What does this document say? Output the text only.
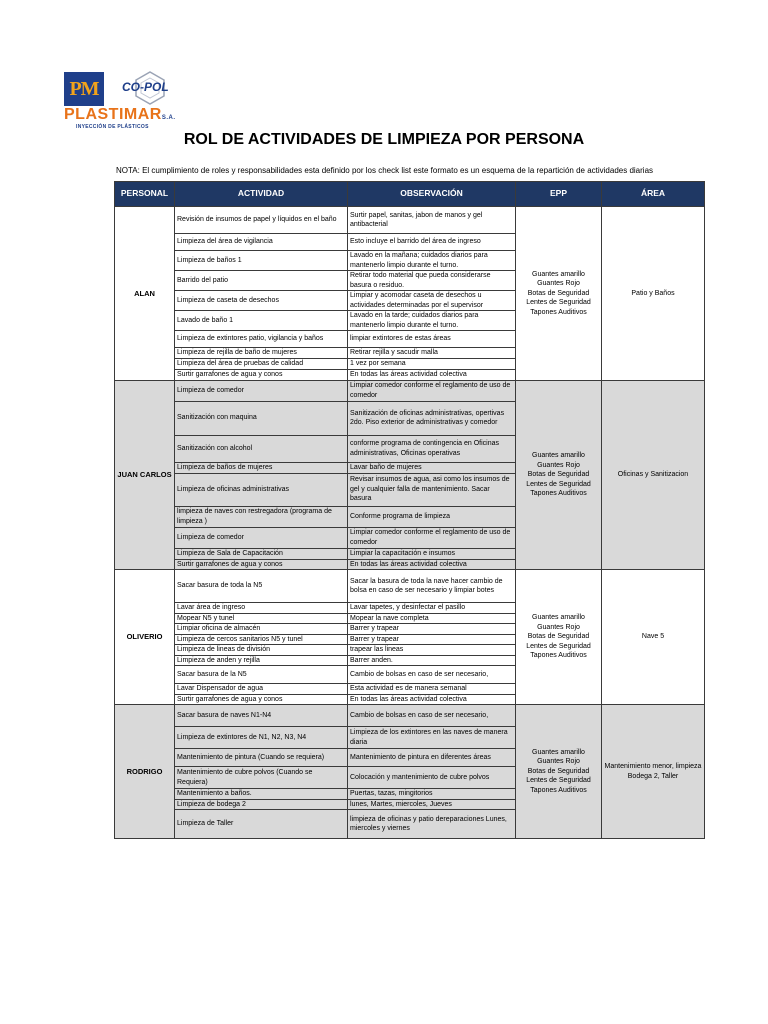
PM	CO-POL
PLASTIMARS.A.
INYECCIÓN DE PLÁSTICOS
ROL DE ACTIVIDADES DE LIMPIEZA POR PERSONA
NOTA: El cumplimiento de roles y responsabilidades esta definido por los check list este formato es un esquema de la repartición de actividades diarias
PERSONAL	ACTIVIDAD	OBSERVACIÓN	EPP	ÁREA
ALAN	Revisión de insumos de papel y líquidos en el baño	Surtir papel, sanitas, jabon de manos y gel antibacterial	Guantes amarillo
Guantes Rojo
Botas de Seguridad
Lentes de Seguridad
Tapones Auditivos	Patio y Baños
	Limpieza del área de vigilancia	Esto incluye el barrido del área de ingreso		
	Limpieza de baños 1	Lavado en la mañana; cuidados diarios para mantenerlo limpio durante el turno.		
	Barrido del patio	Retirar todo material que pueda considerarse basura o residuo.		
	Limpieza de caseta de desechos	Limpiar y acomodar caseta de desechos u actividades determinadas por el supervisor		
	Lavado de baño 1	Lavado en la tarde; cuidados diarios para mantenerlo limpio durante el turno.		
	Limpieza de extintores patio, vigilancia y baños	limpiar extintores de estas áreas		
	Limpieza de rejilla de baño de mujeres	Retirar rejilla y sacudir malla		
	Limpieza del área de pruebas de calidad	1 vez por semana		
	Surtir garrafones de agua y conos	En todas las áreas actividad colectiva		
JUAN CARLOS	Limpieza de comedor	Limpiar comedor conforme el reglamento de uso de comedor	Guantes amarillo
Guantes Rojo
Botas de Seguridad
Lentes de Seguridad
Tapones Auditivos	Oficinas y Sanitizacion
	Sanitización con maquina	Sanitización de oficinas administrativas, opertivas 2do. Piso exterior de administrativas y comedor		
	Sanitización con alcohol	conforme programa de contingencia en Oficinas administrativas, Oficinas operativas		
	Limpieza de baños de mujeres	Lavar baño de mujeres		
	Limpieza de oficinas administrativas	Revisar insumos de agua, asi como los insumos de gel y cualquier falla de mantenimiento. Sacar basura		
	limpieza de naves con restregadora (programa de limpieza )	Conforme programa de limpieza		
	Limpieza de comedor	Limpiar comedor conforme el reglamento de uso de comedor		
	Limpieza de Sala de Capacitación	Limpiar la capacitación e insumos		
	Surtir garrafones de agua y conos	En todas las áreas actividad colectiva		
OLIVERIO	Sacar basura de toda la N5	Sacar la basura de toda la nave hacer cambio de bolsa en caso de ser necesario y limpiar botes	Guantes amarillo
Guantes Rojo
Botas de Seguridad
Lentes de Seguridad
Tapones Auditivos	Nave 5
	Lavar área de ingreso	Lavar tapetes, y desinfectar el pasillo		
	Mopear N5 y tunel	Mopear la nave completa		
	Limpiar oficina de almacén	Barrer y trapear		
	Limpieza de cercos sanitarios N5 y tunel	Barrer y trapear		
	Limpieza de lineas de división	trapear las lineas		
	Limpieza de anden y rejilla	Barrer anden.		
	Sacar basura de la N5	Cambio de bolsas en caso de ser necesario,		
	Lavar Dispensador de agua	Esta actividad es de manera semanal		
	Surtir garrafones de agua y conos	En todas las áreas actividad colectiva		
RODRIGO	Sacar basura de naves N1-N4	Cambio de bolsas en caso de ser necesario,	Guantes amarillo
Guantes Rojo
Botas de Seguridad
Lentes de Seguridad
Tapones Auditivos	Mantenimiento menor, limpieza Bodega 2, Taller
	Limpieza de extintores de N1, N2, N3, N4	Limpieza de los extintores en las naves de manera diaria		
	Mantenimiento de pintura (Cuando se requiera)	Mantenimiento de pintura en diferentes áreas		
	Mantenimiento de cubre polvos (Cuando se Requiera)	Colocación y mantenimiento de cubre polvos		
	Mantenimiento a baños.	Puertas, tazas, mingitorios		
	Limpieza de bodega 2	lunes, Martes, miercoles, Jueves		
	Limpieza de Taller	limpieza de oficinas y patio dereparaciones Lunes, miercoles y viernes		
